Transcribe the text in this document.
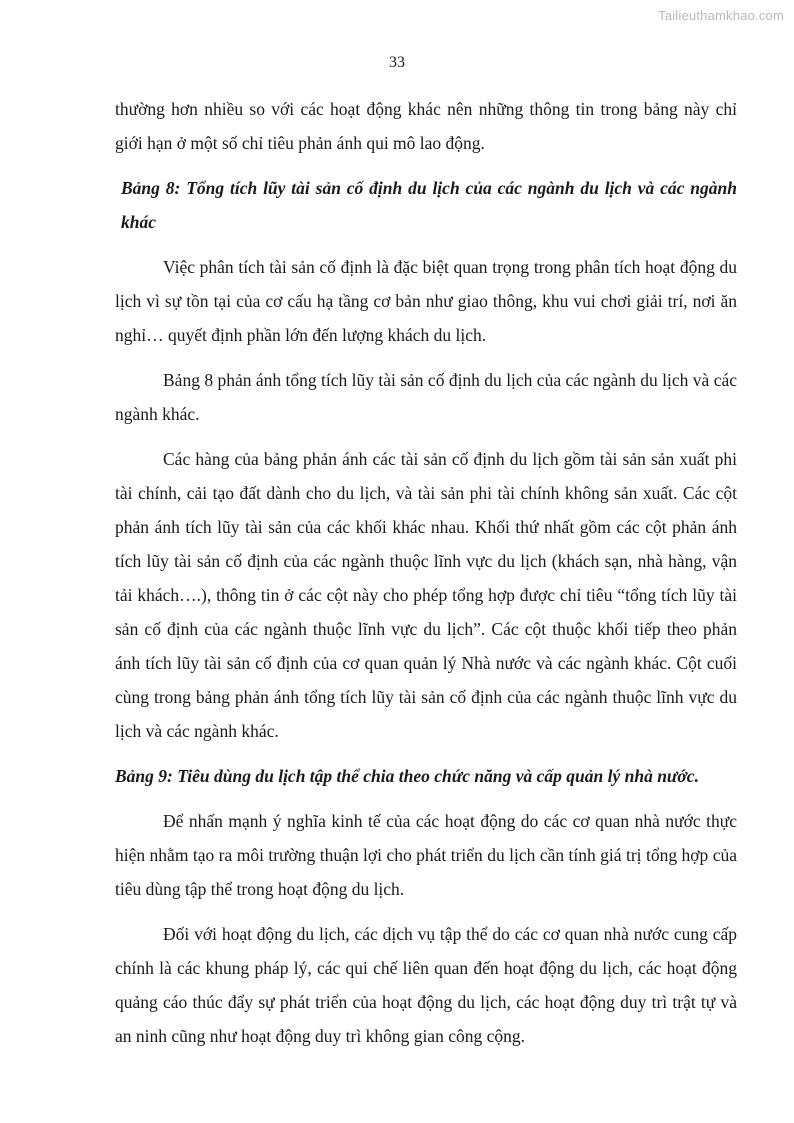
Tailieuthamkhao.com
33

thường hơn nhiều so với các hoạt động khác nên những thông tin trong bảng này chỉ giới hạn ở một số chỉ tiêu phản ánh qui mô lao động.

Bảng 8: Tổng tích lũy tài sản cố định du lịch của các ngành du lịch và các ngành khác

Việc phân tích tài sản cố định là đặc biệt quan trọng trong phân tích hoạt động du lịch vì sự tồn tại của cơ cấu hạ tầng cơ bản như giao thông, khu vui chơi giải trí, nơi ăn nghỉ… quyết định phần lớn đến lượng khách du lịch.

Bảng 8 phản ánh tổng tích lũy tài sản cố định du lịch của các ngành du lịch và các ngành khác.

Các hàng của bảng phản ánh các tài sản cố định du lịch gồm tài sản sản xuất phi tài chính, cải tạo đất dành cho du lịch, và tài sản phi tài chính không sản xuất. Các cột phản ánh tích lũy tài sản của các khối khác nhau. Khối thứ nhất gồm các cột phản ánh tích lũy tài sản cố định của các ngành thuộc lĩnh vực du lịch (khách sạn, nhà hàng, vận tải khách….), thông tin ở các cột này cho phép tổng hợp được chỉ tiêu “tổng tích lũy tài sản cố định của các ngành thuộc lĩnh vực du lịch”. Các cột thuộc khối tiếp theo phản ánh tích lũy tài sản cố định của cơ quan quản lý Nhà nước và các ngành khác. Cột cuối cùng trong bảng phản ánh tổng tích lũy tài sản cố định của các ngành thuộc lĩnh vực du lịch và các ngành khác.

Bảng 9: Tiêu dùng du lịch tập thể chia theo chức năng và cấp quản lý nhà nước.

Để nhấn mạnh ý nghĩa kinh tế của các hoạt động do các cơ quan nhà nước thực hiện nhằm tạo ra môi trường thuận lợi cho phát triển du lịch cần tính giá trị tổng hợp của tiêu dùng tập thể trong hoạt động du lịch.

Đối với hoạt động du lịch, các dịch vụ tập thể do các cơ quan nhà nước cung cấp chính là các khung pháp lý, các qui chế liên quan đến hoạt động du lịch, các hoạt động quảng cáo thúc đẩy sự phát triển của hoạt động du lịch, các hoạt động duy trì trật tự và an ninh cũng như hoạt động duy trì không gian công cộng.
